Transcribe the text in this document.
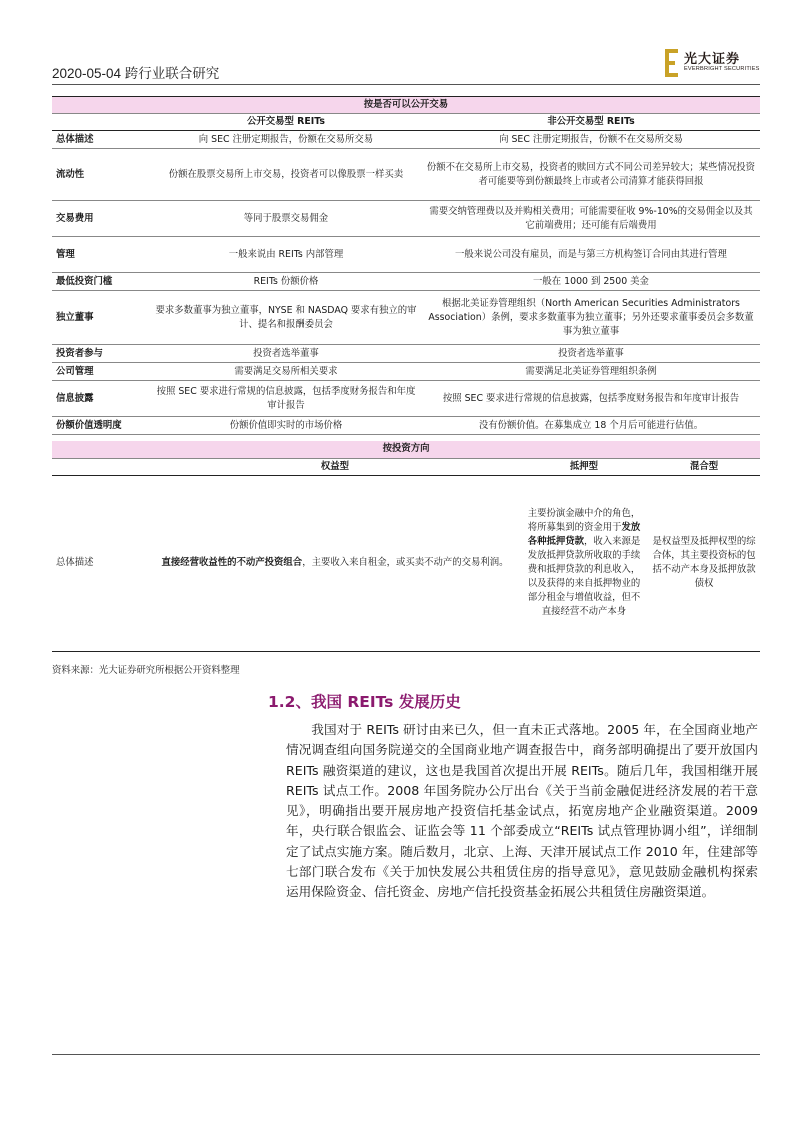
2020-05-04 跨行业联合研究
光大证券
EVERBRIGHT SECURITIES
按是否可以公开交易		
	公开交易型 REITs	非公开交易型 REITs
总体描述	向 SEC 注册定期报告，份额在交易所交易	向 SEC 注册定期报告，份额不在交易所交易
流动性	份额在股票交易所上市交易，投资者可以像股票一样买卖	份额不在交易所上市交易，投资者的赎回方式不同公司差异较大；某些情况投资者可能要等到份额最终上市或者公司清算才能获得回报
交易费用	等同于股票交易佣金	需要交纳管理费以及并购相关费用；可能需要征收 9%-10%的交易佣金以及其它前端费用；还可能有后端费用
管理	一般来说由 REITs 内部管理	一般来说公司没有雇员，而是与第三方机构签订合同由其进行管理
最低投资门槛	REITs 份额价格	一般在 1000 到 2500 美金
独立董事	要求多数董事为独立董事，NYSE 和 NASDAQ 要求有独立的审计、提名和报酬委员会	根据北美证券管理组织（North American Securities Administrators Association）条例，要求多数董事为独立董事；另外还要求董事委员会多数董事为独立董事
投资者参与	投资者选举董事	投资者选举董事
公司管理	需要满足交易所相关要求	需要满足北美证券管理组织条例
信息披露	按照 SEC 要求进行常规的信息披露，包括季度财务报告和年度审计报告	按照 SEC 要求进行常规的信息披露，包括季度财务报告和年度审计报告
份额价值透明度	份额价值即实时的市场价格	没有份额价值。在募集成立 18 个月后可能进行估值。
按投资方向			
	权益型	抵押型	混合型
总体描述	直接经营收益性的不动产投资组合，主要收入来自租金，或买卖不动产的交易利润。	主要扮演金融中介的角色，将所募集到的资金用于发放各种抵押贷款，收入来源是发放抵押贷款所收取的手续费和抵押贷款的利息收入，以及获得的来自抵押物业的部分租金与增值收益，但不直接经营不动产本身	是权益型及抵押权型的综合体，其主要投资标的包括不动产本身及抵押放款债权
资料来源：光大证券研究所根据公开资料整理
1.2、我国 REITs 发展历史

我国对于 REITs 研讨由来已久，但一直未正式落地。2005 年，在全国商业地产情况调查组向国务院递交的全国商业地产调查报告中，商务部明确提出了要开放国内 REITs 融资渠道的建议，这也是我国首次提出开展 REITs。随后几年，我国相继开展 REITs 试点工作。2008 年国务院办公厅出台《关于当前金融促进经济发展的若干意见》，明确指出要开展房地产投资信托基金试点，拓宽房地产企业融资渠道。2009 年，央行联合银监会、证监会等 11 个部委成立“REITs 试点管理协调小组”，详细制定了试点实施方案。随后数月，北京、上海、天津开展试点工作 2010 年，住建部等七部门联合发布《关于加快发展公共租赁住房的指导意见》，意见鼓励金融机构探索运用保险资金、信托资金、房地产信托投资基金拓展公共租赁住房融资渠道。
